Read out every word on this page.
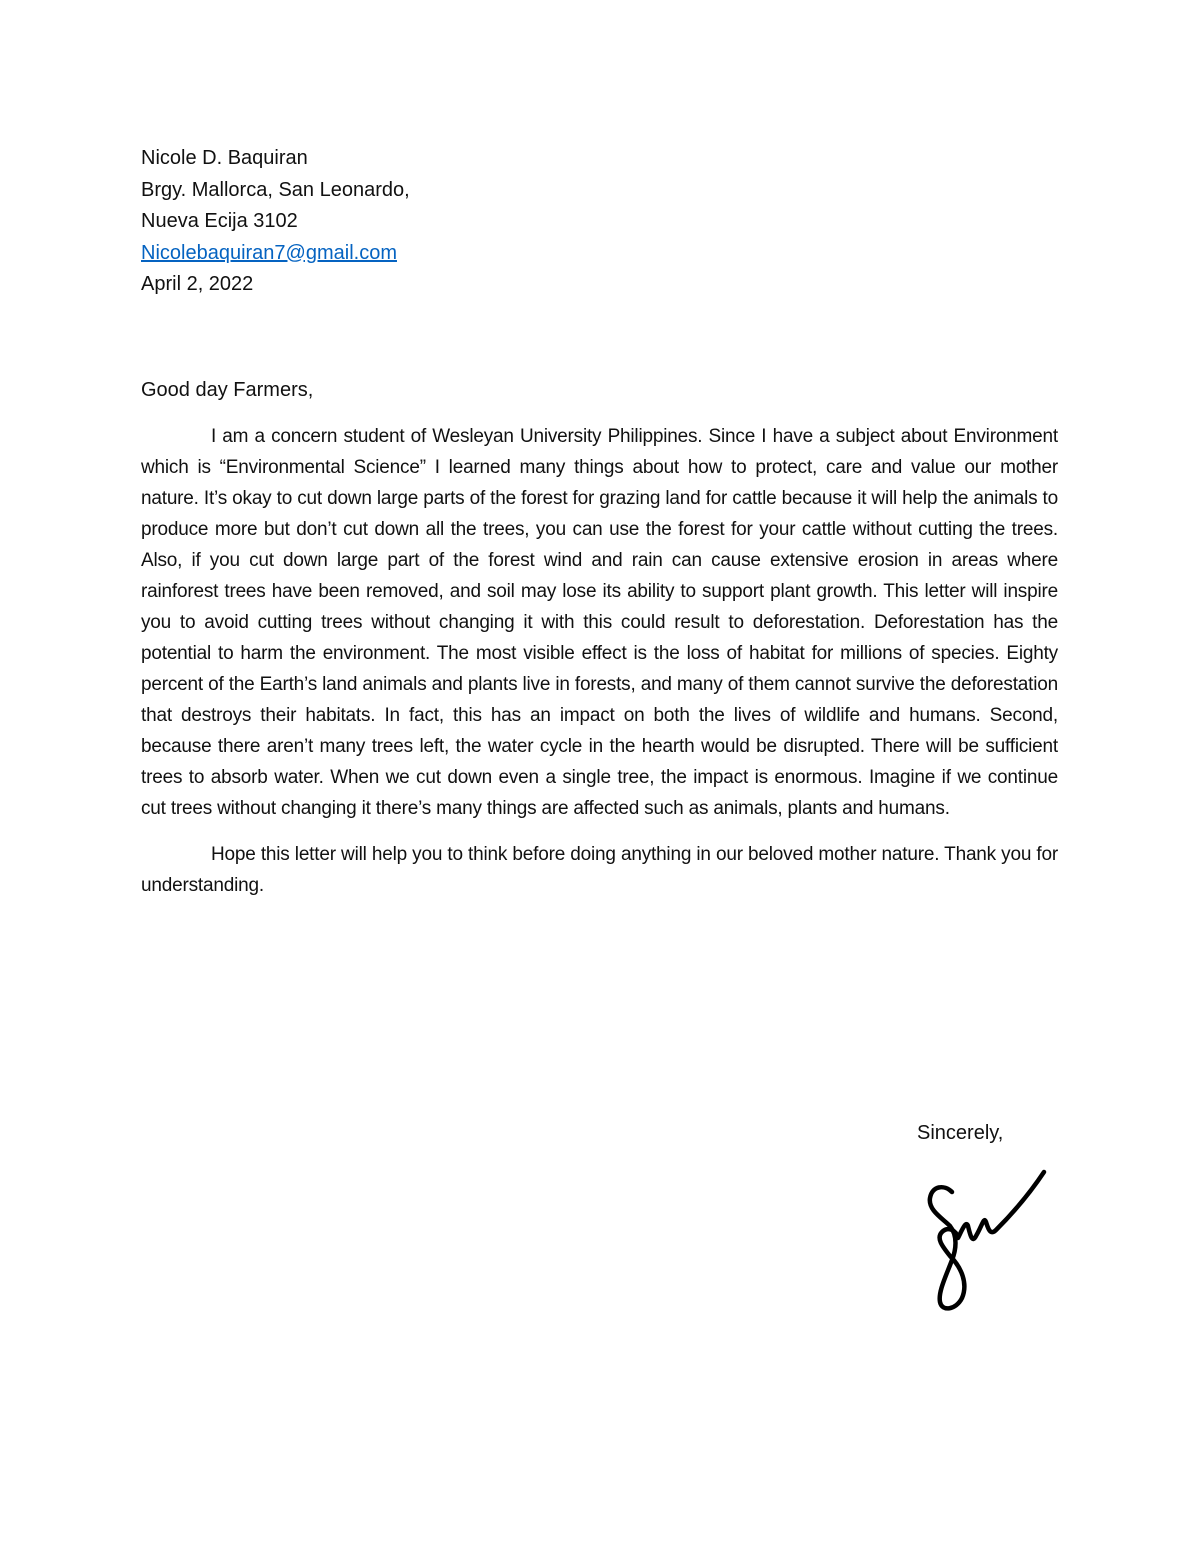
Nicole D. Baquiran
Brgy. Mallorca, San Leonardo,
Nueva Ecija 3102
Nicolebaquiran7@gmail.com
April 2, 2022
Good day Farmers,

I am a concern student of Wesleyan University Philippines. Since I have a subject about Environment which is “Environmental Science” I learned many things about how to protect, care and value our mother nature. It’s okay to cut down large parts of the forest for grazing land for cattle because it will help the animals to produce more but don’t cut down all the trees, you can use the forest for your cattle without cutting the trees. Also, if you cut down large part of the forest wind and rain can cause extensive erosion in areas where rainforest trees have been removed, and soil may lose its ability to support plant growth. This letter will inspire you to avoid cutting trees without changing it with this could result to deforestation. Deforestation has the potential to harm the environment. The most visible effect is the loss of habitat for millions of species. Eighty percent of the Earth’s land animals and plants live in forests, and many of them cannot survive the deforestation that destroys their habitats. In fact, this has an impact on both the lives of wildlife and humans. Second, because there aren’t many trees left, the water cycle in the hearth would be disrupted. There will be sufficient trees to absorb water. When we cut down even a single tree, the impact is enormous. Imagine if we continue cut trees without changing it there’s many things are affected such as animals, plants and humans.

Hope this letter will help you to think before doing anything in our beloved mother nature. Thank you for understanding.

Sincerely,
